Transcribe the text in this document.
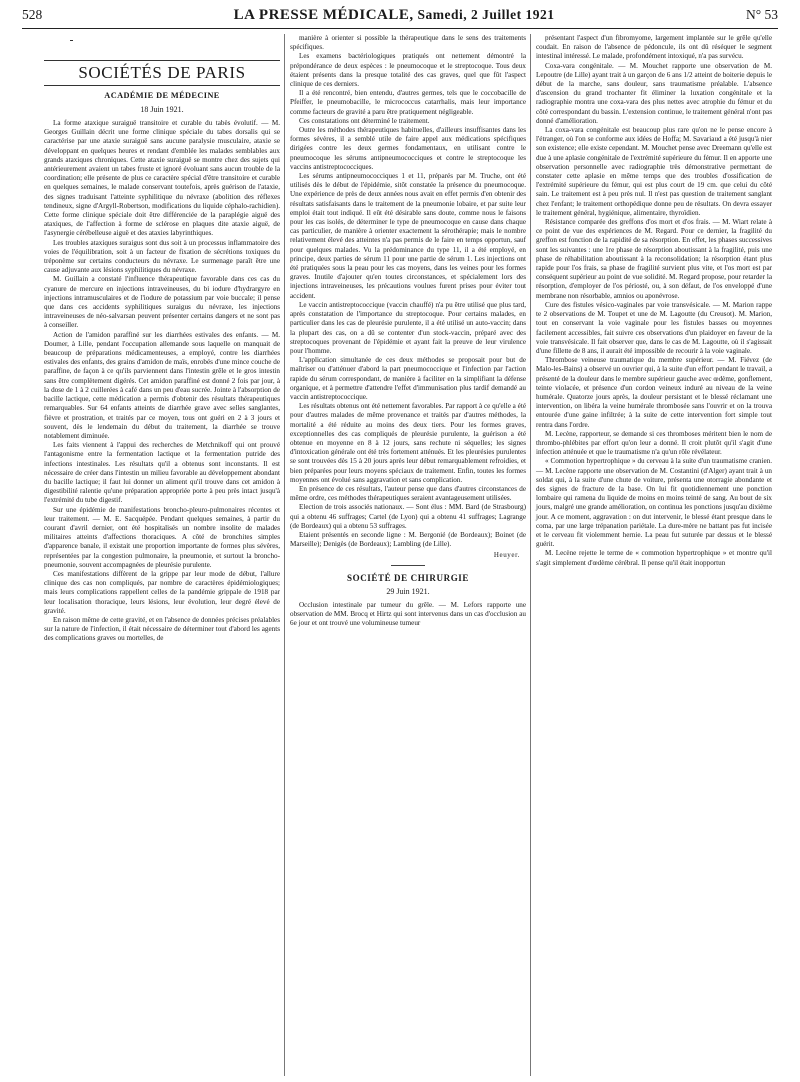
528	LA PRESSE MÉDICALE, Samedi, 2 Juillet 1921	N° 53
SOCIÉTÉS DE PARIS
ACADÉMIE DE MÉDECINE
18 Juin 1921.

La forme ataxique suraiguë transitoire et curable du tabès évolutif. — M. Georges Guillain décrit une forme clinique spéciale du tabes dorsalis qui se caractérise par une ataxie suraiguë sans aucune paralysie musculaire, ataxie se développant en quelques heures et rendant d'emblée les malades semblables aux grands ataxiques chroniques. Cette ataxie suraiguë se montre chez des sujets qui antérieurement avaient un tabes fruste et ignoré évoluant sans aucun trouble de la coordination; elle présente de plus ce caractère spécial d'être transitoire et curable en quelques semaines, le malade conservant toutefois, après guérison de l'ataxie, des signes traduisant l'atteinte syphilitique du névraxe (abolition des réflexes tendineux, signe d'Argyll-Robertson, modifications du liquide céphalo-rachidien). Cette forme clinique spéciale doit être différenciée de la paraplégie aiguë des ataxiques, de l'affection à forme de sclérose en plaques dite ataxie aiguë, de l'asynergie cérébelleuse aiguë et des ataxies labyrinthiques.

Les troubles ataxiques suraigus sont dus soit à un processus inflammatoire des voies de l'équilibration, soit à un facteur de fixation de sécrétions toxiques du tréponème sur certains conducteurs du névraxe. Le surmenage paraît être une cause adjuvante aux lésions syphilitiques du névraxe.

M. Guillain a constaté l'influence thérapeutique favorable dans ces cas du cyanure de mercure en injections intraveineuses, du bi iodure d'hydrargyre en injections intramusculaires et de l'iodure de potassium par voie buccale; il pense que dans ces accidents syphilitiques suraigus du névraxe, les injections intraveineuses de néo-salvarsan peuvent présenter certains dangers et ne sont pas à conseiller.

Action de l'amidon paraffiné sur les diarrhées estivales des enfants. — M. Doumer, à Lille, pendant l'occupation allemande sous laquelle on manquait de beaucoup de préparations médicamenteuses, a employé, contre les diarrhées estivales des enfants, des grains d'amidon de maïs, enrobés d'une mince couche de paraffine, de façon à ce qu'ils parviennent dans l'intestin grêle et le gros intestin sans être complètement digérés. Cet amidon paraffiné est donné 2 fois par jour, à la dose de 1 à 2 cuillerées à café dans un peu d'eau sucrée. Jointe à l'absorption de bacille lactique, cette médication a permis d'obtenir des résultats thérapeutiques remarquables. Sur 64 enfants atteints de diarrhée grave avec selles sanglantes, fièvre et prostration, et traités par ce moyen, tous ont guéri en 2 à 3 jours et souvent, dès le lendemain du début du traitement, la diarrhée se trouve notablement diminuée.

Les faits viennent à l'appui des recherches de Metchnikoff qui ont prouvé l'antagonisme entre la fermentation lactique et la fermentation putride des infections intestinales. Les résultats qu'il a obtenus sont inconstants. Il est nécessaire de créer dans l'intestin un milieu favorable au développement abondant du bacille lactique; il faut lui donner un aliment qu'il trouve dans cet amidon à digestibilité ralentie qu'une préparation appropriée porte à peu près intact jusqu'à l'extrémité du tube digestif.

Sur une épidémie de manifestations broncho-pleuro-pulmonaires récentes et leur traitement. — M. E. Sacquépée. Pendant quelques semaines, à partir du courant d'avril dernier, ont été hospitalisés un nombre insolite de malades militaires atteints d'affections thoraciques. A côté de bronchites simples d'apparence banale, il existait une proportion importante de formes plus sévères, représentées par la congestion pulmonaire, la pneumonie, et surtout la broncho-pneumonie, souvent accompagnées de pleurésie purulente.

Ces manifestations diffèrent de la grippe par leur mode de début, l'allure clinique des cas non compliqués, par nombre de caractères épidémiologiques; mais leurs complications rappellent celles de la pandémie grippale de 1918 par leur localisation thoracique, leurs lésions, leur évolution, leur degré élevé de gravité.

En raison même de cette gravité, et en l'absence de données précises préalables sur la nature de l'infection, il était nécessaire de déterminer tout d'abord les agents des complications graves ou mortelles, de

manière à orienter si possible la thérapeutique dans le sens des traitements spécifiques.

Les examens bactériologiques pratiqués ont nettement démontré la prépondérance de deux espèces : le pneumocoque et le streptocoque. Tous deux étaient présents dans la presque totalité des cas graves, quel que fût l'aspect clinique de ces derniers.

Il a été rencontré, bien entendu, d'autres germes, tels que le coccobacille de Pfeiffer, le pneumobacille, le micrococcus catarrhalis, mais leur importance comme facteurs de gravité a paru être pratiquement négligeable.

Ces constatations ont déterminé le traitement.

Outre les méthodes thérapeutiques habituelles, d'ailleurs insuffisantes dans les formes sévères, il a semblé utile de faire appel aux médications spécifiques dirigées contre les deux germes fondamentaux, en utilisant contre le pneumocoque les sérums antipneumococciques et contre le streptocoque les vaccins antistreptococciques.

Les sérums antipneumococciques 1 et 11, préparés par M. Truche, ont été utilisés dès le début de l'épidémie, sitôt constatée la présence du pneumocoque. Une expérience de près de deux années nous avait en effet permis d'en obtenir des résultats satisfaisants dans le traitement de la pneumonie lobaire, et par suite leur emploi était tout indiqué. Il eût été désirable sans doute, comme nous le faisons pour les cas isolés, de déterminer le type de pneumocoque en cause dans chaque cas particulier, de manière à orienter exactement la sérothérapie; mais le nombre relativement élevé des atteintes n'a pas permis de le faire en temps opportun, sauf pour quelques malades. Vu la prédominance du type 11, il a été employé, en principe, deux parties de sérum 11 pour une partie de sérum 1. Les injections ont été pratiquées sous la peau pour les cas moyens, dans les veines pour les formes graves. Inutile d'ajouter qu'en toutes circonstances, et spécialement lors des injections intraveineuses, les précautions voulues furent prises pour éviter tout accident.

Le vaccin antistreptococcique (vaccin chauffé) n'a pu être utilisé que plus tard, après constatation de l'importance du streptocoque. Pour certains malades, en particulier dans les cas de pleurésie purulente, il a été utilisé un auto-vaccin; dans la plupart des cas, on a dû se contenter d'un stock-vaccin, préparé avec des streptocoques provenant de l'épidémie et ayant fait la preuve de leur virulence pour l'homme.

L'application simultanée de ces deux méthodes se proposait pour but de maîtriser ou d'atténuer d'abord la part pneumococcique et l'infection par l'action rapide du sérum correspondant, de manière à faciliter en la simplifiant la défense organique, et à permettre d'attendre l'effet d'immunisation plus tardif demandé au vaccin antistreptococcique.

Les résultats obtenus ont été nettement favorables. Par rapport à ce qu'elle a été pour d'autres malades de même provenance et traités par d'autres méthodes, la mortalité a été réduite au moins des deux tiers. Pour les formes graves, exceptionnelles des cas compliqués de pleurésie purulente, la guérison a été obtenue en moyenne en 8 à 12 jours, sans rechute ni séquelles; les signes d'intoxication générale ont été très fortement atténués. Et les pleurésies purulentes se sont trouvées dès 15 à 20 jours après leur début remarquablement refroidies, et bien préparées pour leurs moyens spéciaux de traitement. Enfin, toutes les formes moyennes ont évolué sans aggravation et sans complication.

En présence de ces résultats, l'auteur pense que dans d'autres circonstances de même ordre, ces méthodes thérapeutiques seraient avantageusement utilisées.

Election de trois associés nationaux. — Sont élus : MM. Bard (de Strasbourg) qui a obtenu 46 suffrages; Cartel (de Lyon) qui a obtenu 41 suffrages; Lagrange (de Bordeaux) qui a obtenu 53 suffrages.

Etaient présentés en seconde ligne : M. Bergonié (de Bordeaux); Boinet (de Marseille); Denigès (de Bordeaux); Lambling (de Lille).

Heuyer.
SOCIÉTÉ DE CHIRURGIE
29 Juin 1921.

Occlusion intestinale par tumeur du grêle. — M. Lefors rapporte une observation de MM. Brocq et Hirtz qui sont intervenus dans un cas d'occlusion au 6e jour et ont trouvé une volumineuse tumeur

présentant l'aspect d'un fibromyome, largement implantée sur le grêle qu'elle coudait. En raison de l'absence de pédoncule, ils ont dû réséquer le segment intestinal intéressé. Le malade, profondément intoxiqué, n'a pas survécu.

Coxa-vara congénitale. — M. Mouchet rapporte une observation de M. Lepoutre (de Lille) ayant trait à un garçon de 6 ans 1/2 atteint de boiterie depuis le début de la marche, sans douleur, sans traumatisme préalable. L'absence d'ascension du grand trochanter fit éliminer la luxation congénitale et la radiographie montra une coxa-vara des plus nettes avec atrophie du fémur et du côté correspondant du bassin. L'extension continue, le traitement général n'ont pas donné d'amélioration.

La coxa-vara congénitale est beaucoup plus rare qu'on ne le pense encore à l'étranger, où l'on se conforme aux idées de Hoffa; M. Savariaud a été jusqu'à nier son existence; elle existe cependant. M. Mouchet pense avec Dreemann qu'elle est due à une aplasie congénitale de l'extrémité supérieure du fémur. Il en apporte une observation personnelle avec radiographie très démonstrative permettant de constater cette aplasie en même temps que des troubles d'ossification de l'extrémité supérieure du fémur, qui est plus court de 19 cm. que celui du côté sain. Le traitement est à peu près nul. Il n'est pas question de traitement sanglant chez l'enfant; le traitement orthopédique donne peu de résultats. On devra essayer le traitement général, hygiénique, alimentaire, thyroïdien.

Résistance comparée des greffons d'os mort et d'os frais. — M. Wiart relate à ce point de vue des expériences de M. Regard. Pour ce dernier, la fragilité du greffon est fonction de la rapidité de sa résorption. En effet, les phases successives sont les suivantes : une 1re phase de résorption aboutissant à la fragilité, puis une phase de réhabilitation aboutissant à la reconsolidation; la résorption étant plus rapide pour l'os frais, sa phase de fragilité survient plus vite, et l'os mort est par conséquent supérieur au point de vue solidité. M. Regard propose, pour retarder la résorption, d'employer de l'os périosté, ou, à son défaut, de l'os enveloppé d'une membrane non résorbable, amnios ou aponévrose.

Cure des fistules vésico-vaginales par voie transvésicale. — M. Marion rappe te 2 observations de M. Toupet et une de M. Lagoutte (du Creusot). M. Marion, tout en conservant la voie vaginale pour les fistules basses ou moyennes facilement accessibles, fait suivre ces observations d'un plaidoyer en faveur de la voie transvésicale. Il fait observer que, dans le cas de M. Lagoutte, où il s'agissait d'une fillette de 8 ans, il aurait été impossible de recourir à la voie vaginale.

Thrombose veineuse traumatique du membre supérieur. — M. Fiévez (de Malo-les-Bains) a observé un ouvrier qui, à la suite d'un effort pendant le travail, a présenté de la douleur dans le membre supérieur gauche avec œdème, gonflement, teinte violacée, et présence d'un cordon veineux induré au niveau de la veine humérale. Quatorze jours après, la douleur persistant et le blessé réclamant une intervention, on libéra la veine humérale thrombosée sans l'ouvrir et on la trouva entourée d'une gaine infiltrée; à la suite de cette intervention fort simple tout rentra dans l'ordre.

M. Lecène, rapporteur, se demande si ces thromboses méritent bien le nom de thrombo-phlébites par effort qu'on leur a donné. Il croit plutôt qu'il s'agit d'une infection atténuée et que le traumatisme n'a qu'un rôle révélateur.

« Commotion hypertrophique » du cerveau à la suite d'un traumatisme cranien. — M. Lecène rapporte une observation de M. Costantini (d'Alger) ayant trait à un soldat qui, à la suite d'une chute de voiture, présenta une otorragie abondante et des signes de fracture de la base. On lui fit quotidiennement une ponction lombaire qui ramena du liquide de moins en moins teinté de sang. Au bout de six jours, malgré une grande amélioration, on continua les ponctions jusqu'au dixième jour. A ce moment, aggravation : on dut intervenir, le blessé étant presque dans le coma, par une large trépanation pariétale. La dure-mère ne battant pas fut incisée et le cerveau fit violemment hernie. La peau fut suturée par dessus et le blessé guérit.

M. Lecène rejette le terme de « commotion hypertrophique » et montre qu'il s'agit simplement d'œdème cérébral. Il pense qu'il était inopportun
